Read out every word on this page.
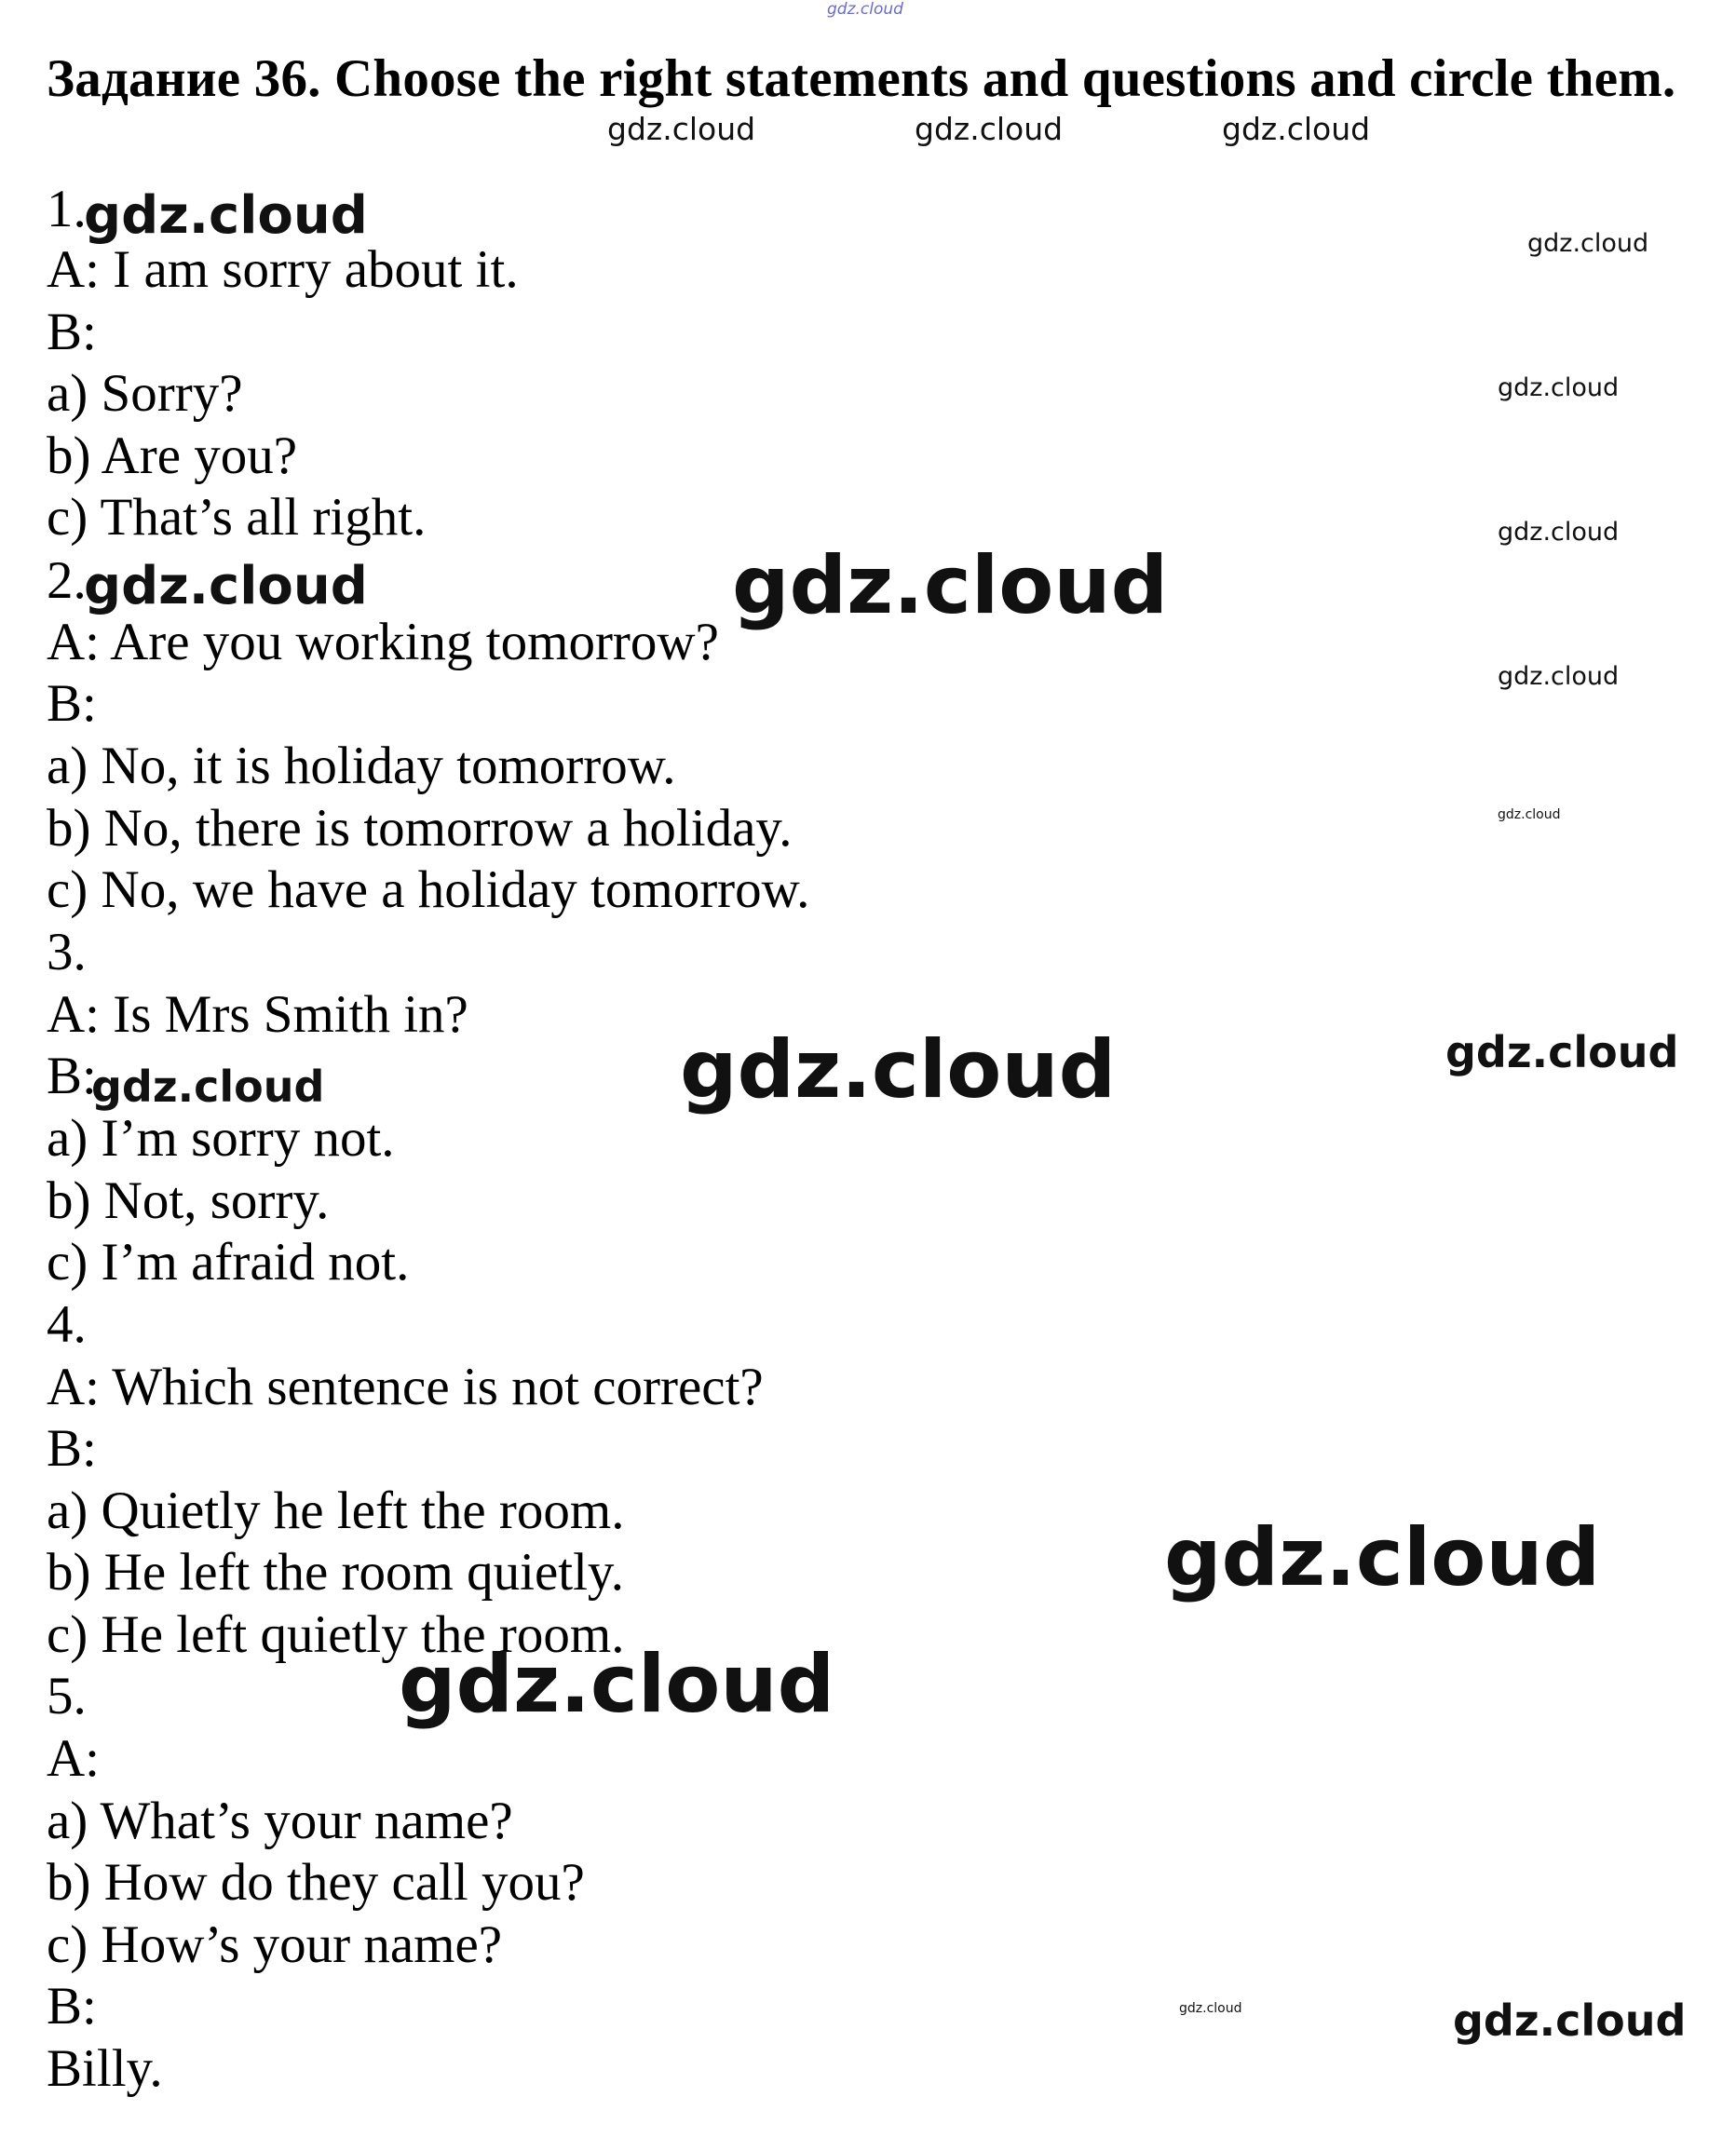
gdz.cloud
Задание 36. Choose the right statements and questions and circle them.
gdz.cloud	gdz.cloud	gdz.cloud
1.
gdz.cloud
A: I am sorry about it.
B:
a) Sorry?
b) Are you?
c) That’s all right.
gdz.cloud
gdz.cloud
gdz.cloud
2.
gdz.cloud	gdz.cloud
A: Are you working tomorrow?
B:
a) No, it is holiday tomorrow.
b) No, there is tomorrow a holiday.
c) No, we have a holiday tomorrow.
gdz.cloud
gdz.cloud
3.
A: Is Mrs Smith in?
B:
gdz.cloud	gdz.cloud	gdz.cloud
a) I’m sorry not.
b) Not, sorry.
c) I’m afraid not.
4.
A: Which sentence is not correct?
B:
a) Quietly he left the room.
b) He left the room quietly.
c) He left quietly the room.
gdz.cloud
5.	gdz.cloud
A:
a) What’s your name?
b) How do they call you?
c) How’s your name?
B:
Billy.
gdz.cloud	gdz.cloud
